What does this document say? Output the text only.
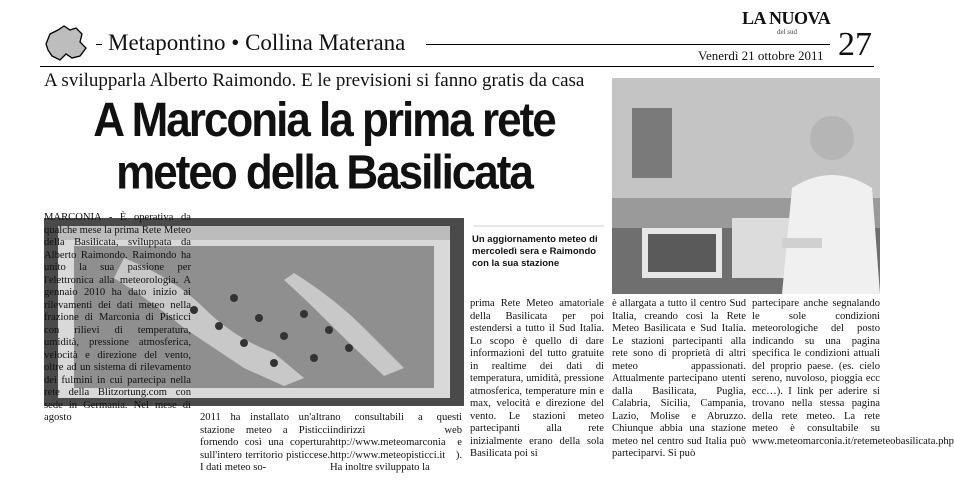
Metapontino • Collina Materana
LA NUOVA
del sud
Venerdì 21 ottobre 2011 27
A svilupparla Alberto Raimondo. E le previsioni si fanno gratis da casa
A Marconia la prima rete meteo della Basilicata
Un aggiornamento meteo di mercoledì sera e Raimondo con la sua stazione
MARCONIA - È operativa da qualche mese la prima Rete Meteo della Basilicata, sviluppata da Alberto Raimondo. Raimondo ha unito la sua passione per l'elettronica alla meteorologia. A gennaio 2010 ha dato inizio ai rilevamenti dei dati meteo nella frazione di Marconia di Pisticci con rilievi di temperatura, umidità, pressione atmosferica, velocità e direzione del vento, oltre ad un sistema di rilevamento dei fulmini in cui partecipa nella rete della Blitzortung.com con sede in Germania. Nel mese di agosto	2011 ha installato un'altra stazione meteo a Pisticci fornendo così una copertura sull'intero territorio pisticcese. I dati meteo so-
no consultabili a questi indirizzi web http://www.meteomarconia e http://www.meteopisticci.it ). Ha inoltre sviluppato la
prima Rete Meteo amatoriale della Basilicata per poi estendersi a tutto il Sud Italia. Lo scopo è quello di dare informazioni del tutto gratuite in realtime dei dati di temperatura, umidità, pressione atmosferica, temperature min e max, velocità e direzione del vento. Le stazioni meteo partecipanti alla rete inizialmente erano della sola Basilicata poi si
è allargata a tutto il centro Sud Italia, creando così la Rete Meteo Basilicata e Sud Italia. Le stazioni partecipanti alla rete sono di proprietà di altri meteo appassionati. Attualmente partecipano utenti dalla Basilicata, Puglia, Calabria, Sicilia, Campania, Lazio, Molise e Abruzzo. Chiunque abbia una stazione meteo nel centro sud Italia può parteciparvi. Si può
partecipare anche segnalando le sole condizioni meteorologiche del posto indicando su una pagina specifica le condizioni attuali del proprio paese. (es. cielo sereno, nuvoloso, pioggia ecc ecc…). I link per aderire si trovano nella stessa pagina della rete meteo. La rete meteo è consultabile su www.meteomarconia.it/retemeteobasilicata.php
